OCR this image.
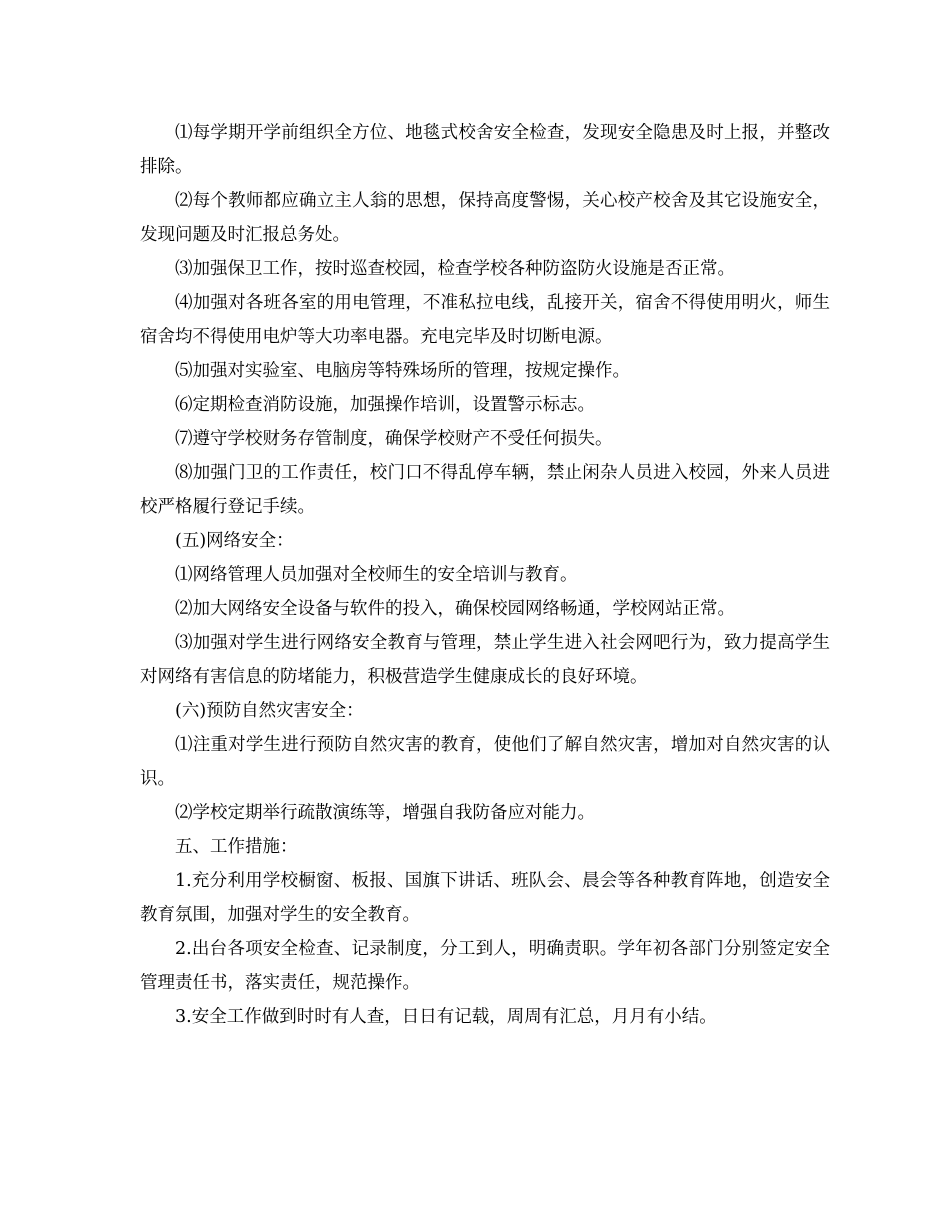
⑴每学期开学前组织全方位、地毯式校舍安全检查，发现安全隐患及时上报，并整改排除。

⑵每个教师都应确立主人翁的思想，保持高度警惕，关心校产校舍及其它设施安全，发现问题及时汇报总务处。

⑶加强保卫工作，按时巡查校园，检查学校各种防盗防火设施是否正常。

⑷加强对各班各室的用电管理，不准私拉电线，乱接开关，宿舍不得使用明火，师生宿舍均不得使用电炉等大功率电器。充电完毕及时切断电源。

⑸加强对实验室、电脑房等特殊场所的管理，按规定操作。

⑹定期检查消防设施，加强操作培训，设置警示标志。

⑺遵守学校财务存管制度，确保学校财产不受任何损失。

⑻加强门卫的工作责任，校门口不得乱停车辆，禁止闲杂人员进入校园，外来人员进校严格履行登记手续。

(五)网络安全：

⑴网络管理人员加强对全校师生的安全培训与教育。

⑵加大网络安全设备与软件的投入，确保校园网络畅通，学校网站正常。

⑶加强对学生进行网络安全教育与管理，禁止学生进入社会网吧行为，致力提高学生对网络有害信息的防堵能力，积极营造学生健康成长的良好环境。

(六)预防自然灾害安全：

⑴注重对学生进行预防自然灾害的教育，使他们了解自然灾害，增加对自然灾害的认识。

⑵学校定期举行疏散演练等，增强自我防备应对能力。

五、工作措施：

1.充分利用学校橱窗、板报、国旗下讲话、班队会、晨会等各种教育阵地，创造安全教育氛围，加强对学生的安全教育。

2.出台各项安全检查、记录制度，分工到人，明确责职。学年初各部门分别签定安全管理责任书，落实责任，规范操作。

3.安全工作做到时时有人查，日日有记载，周周有汇总，月月有小结。
